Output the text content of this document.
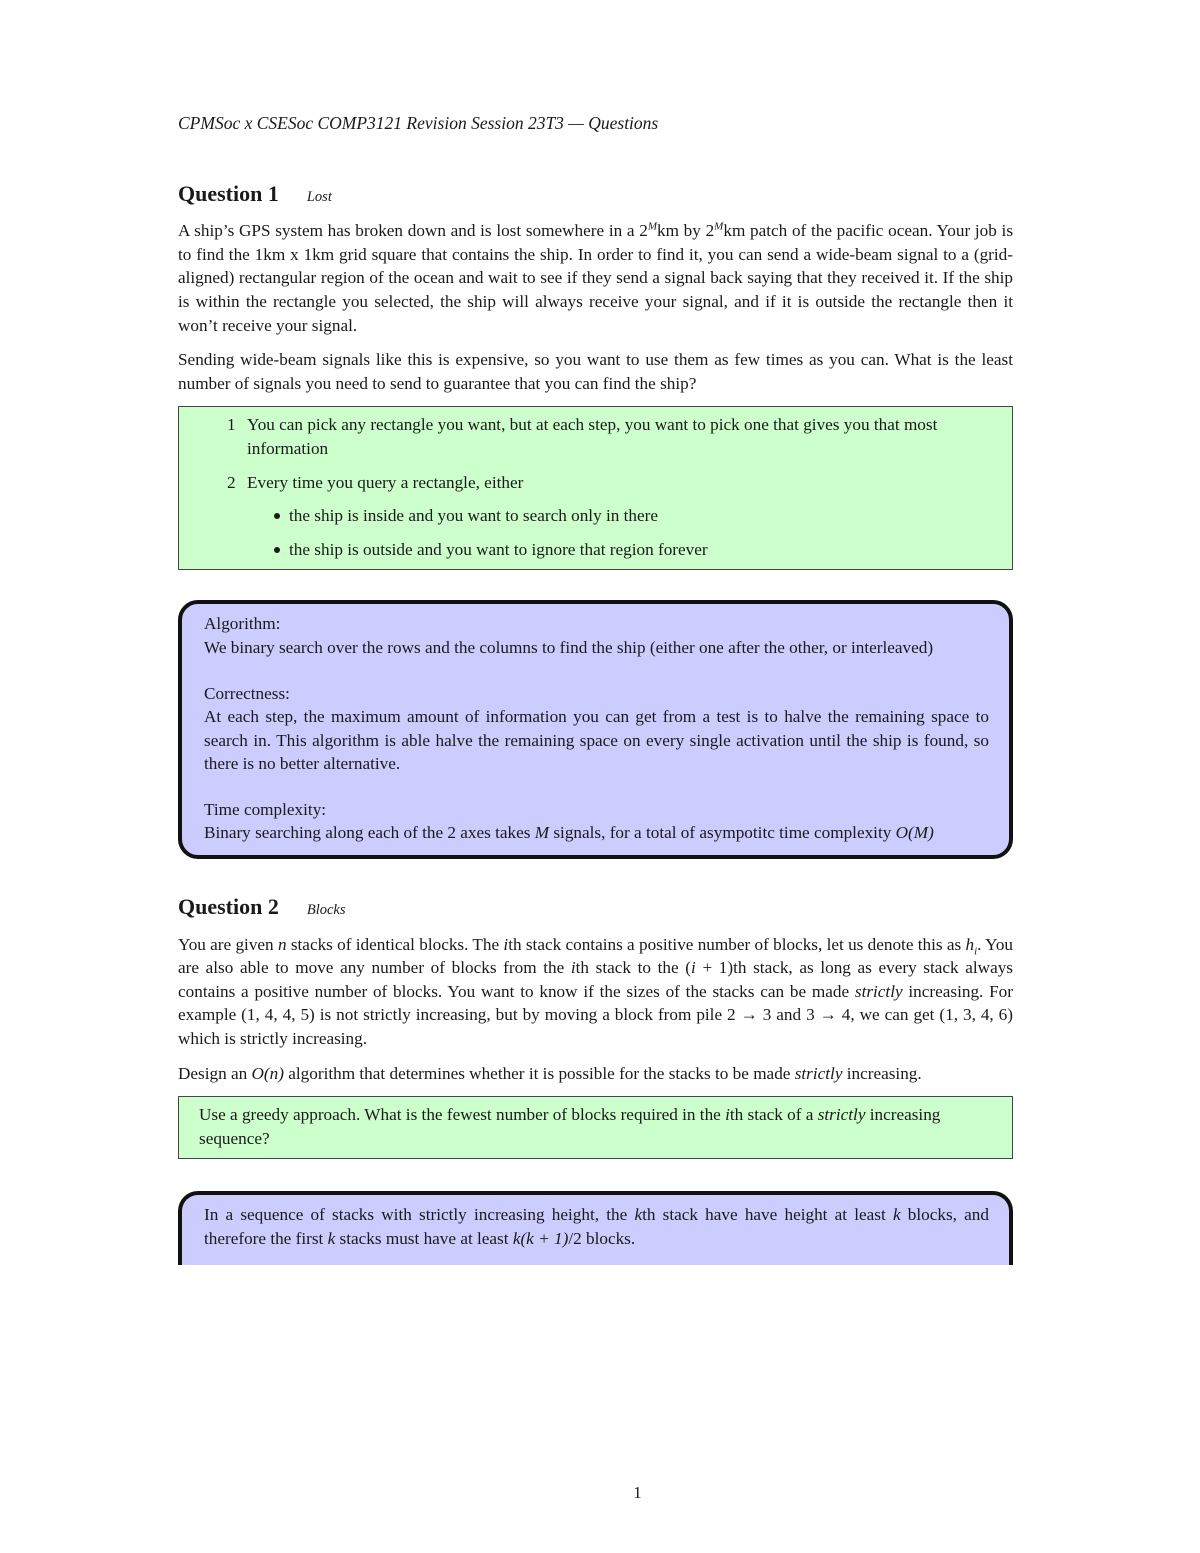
CPMSoc x CSESoc COMP3121 Revision Session 23T3 — Questions
Question 1 Lost

A ship’s GPS system has broken down and is lost somewhere in a $2^Mkm$ by $2^Mkm$ patch of the pacific ocean. Your job is to find the 1km x 1km grid square that contains the ship. In order to find it, you can send a wide-beam signal to a (grid-aligned) rectangular region of the ocean and wait to see if they send a signal back saying that they received it. If the ship is within the rectangle you selected, the ship will always receive your signal, and if it is outside the rectangle then it won’t receive your signal.

Sending wide-beam signals like this is expensive, so you want to use them as few times as you can. What is the least number of signals you need to send to guarantee that you can find the ship?

1 You can pick any rectangle you want, but at each step, you want to pick one that gives you that most information
2 Every time you query a rectangle, either
the ship is inside and you want to search only in there
the ship is outside and you want to ignore that region forever
Algorithm:
We binary search over the rows and the columns to find the ship (either one after the other, or interleaved)
Correctness:
At each step, the maximum amount of information you can get from a test is to halve the remaining space to search in. This algorithm is able halve the remaining space on every single activation until the ship is found, so there is no better alternative.
Time complexity:
Binary searching along each of the 2 axes takes M signals, for a total of asympotitc time complexity O(M)
Question 2 Blocks

You are given n stacks of identical blocks. The ith stack contains a positive number of blocks, let us denote this as $h_i$. You are also able to move any number of blocks from the ith stack to the (i + 1)th stack, as long as every stack always contains a positive number of blocks. You want to know if the sizes of the stacks can be made strictly increasing. For example (1, 4, 4, 5) is not strictly increasing, but by moving a block from pile 2 → 3 and 3 → 4, we can get (1, 3, 4, 6) which is strictly increasing.

Design an O(n) algorithm that determines whether it is possible for the stacks to be made strictly increasing.

Use a greedy approach. What is the fewest number of blocks required in the ith stack of a strictly increasing sequence?
In a sequence of stacks with strictly increasing height, the kth stack have have height at least k blocks, and therefore the first k stacks must have at least k(k + 1)/2 blocks.
1
